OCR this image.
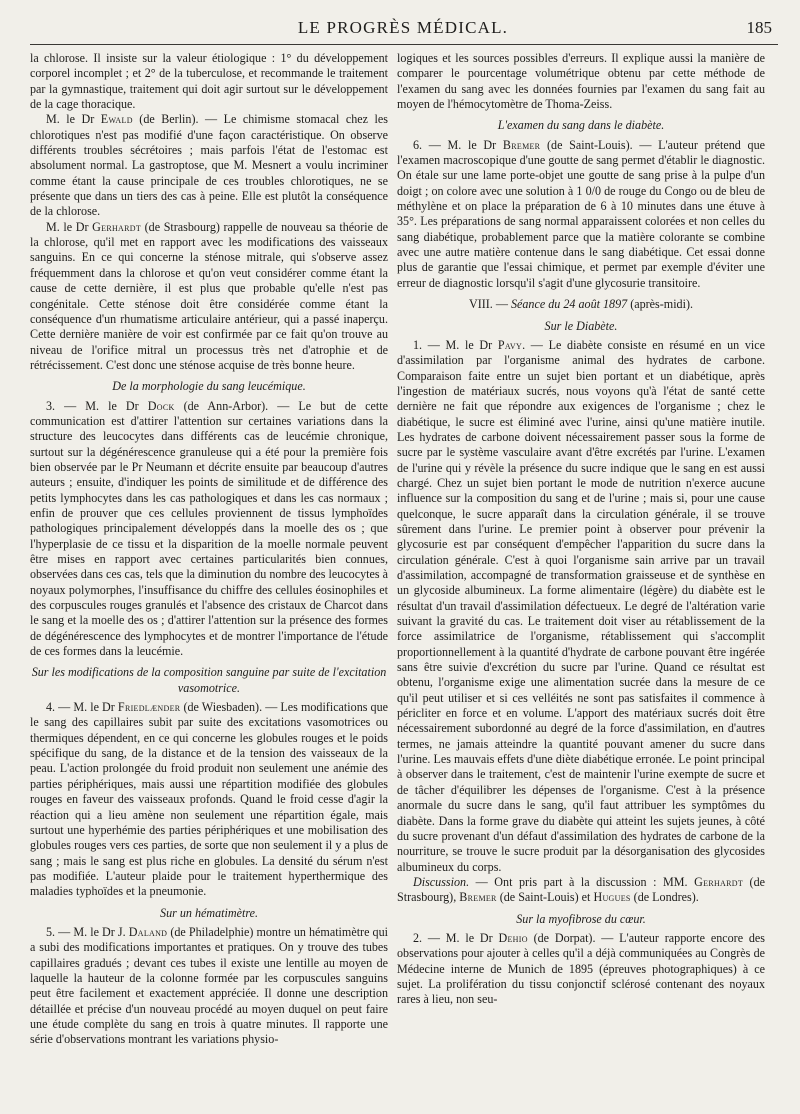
LE PROGRÈS MÉDICAL.	185

la chlorose. Il insiste sur la valeur étiologique : 1° du développement corporel incomplet ; et 2° de la tuberculose, et recommande le traitement par la gymnastique, traitement qui doit agir surtout sur le développement de la cage thoracique.

M. le Dr Ewald (de Berlin). — Le chimisme stomacal chez les chlorotiques n'est pas modifié d'une façon caractéristique. On observe différents troubles sécrétoires ; mais parfois l'état de l'estomac est absolument normal. La gastroptose, que M. Mesnert a voulu incriminer comme étant la cause principale de ces troubles chlorotiques, ne se présente que dans un tiers des cas à peine. Elle est plutôt la conséquence de la chlorose.

M. le Dr Gerhardt (de Strasbourg) rappelle de nouveau sa théorie de la chlorose, qu'il met en rapport avec les modifications des vaisseaux sanguins. En ce qui concerne la sténose mitrale, qui s'observe assez fréquemment dans la chlorose et qu'on veut considérer comme étant la cause de cette dernière, il est plus que probable qu'elle n'est pas congénitale. Cette sténose doit être considérée comme étant la conséquence d'un rhumatisme articulaire antérieur, qui a passé inaperçu. Cette dernière manière de voir est confirmée par ce fait qu'on trouve au niveau de l'orifice mitral un processus très net d'atrophie et de rétrécissement. C'est donc une sténose acquise de très bonne heure.

De la morphologie du sang leucémique.

3. — M. le Dr Dock (de Ann-Arbor). — Le but de cette communication est d'attirer l'attention sur certaines variations dans la structure des leucocytes dans différents cas de leucémie chronique, surtout sur la dégénérescence granuleuse qui a été pour la première fois bien observée par le Pr Neumann et décrite ensuite par beaucoup d'autres auteurs ; ensuite, d'indiquer les points de similitude et de différence des petits lymphocytes dans les cas pathologiques et dans les cas normaux ; enfin de prouver que ces cellules proviennent de tissus lymphoïdes pathologiques principalement développés dans la moelle des os ; que l'hyperplasie de ce tissu et la disparition de la moelle normale peuvent être mises en rapport avec certaines particularités bien connues, observées dans ces cas, tels que la diminution du nombre des leucocytes à noyaux polymorphes, l'insuffisance du chiffre des cellules éosinophiles et des corpuscules rouges granulés et l'absence des cristaux de Charcot dans le sang et la moelle des os ; d'attirer l'attention sur la présence des formes de dégénérescence des lymphocytes et de montrer l'importance de l'étude de ces formes dans la leucémie.

Sur les modifications de la composition sanguine par suite de l'excitation vasomotrice.

4. — M. le Dr Friedlænder (de Wiesbaden). — Les modifications que le sang des capillaires subit par suite des excitations vasomotrices ou thermiques dépendent, en ce qui concerne les globules rouges et le poids spécifique du sang, de la distance et de la tension des vaisseaux de la peau. L'action prolongée du froid produit non seulement une anémie des parties périphériques, mais aussi une répartition modifiée des globules rouges en faveur des vaisseaux profonds. Quand le froid cesse d'agir la réaction qui a lieu amène non seulement une répartition égale, mais surtout une hyperhémie des parties périphériques et une mobilisation des globules rouges vers ces parties, de sorte que non seulement il y a plus de sang ; mais le sang est plus riche en globules. La densité du sérum n'est pas modifiée. L'auteur plaide pour le traitement hyperthermique des maladies typhoïdes et la pneumonie.

Sur un hématimètre.

5. — M. le Dr J. Daland (de Philadelphie) montre un hématimètre qui a subi des modifications importantes et pratiques. On y trouve des tubes capillaires gradués ; devant ces tubes il existe une lentille au moyen de laquelle la hauteur de la colonne formée par les corpuscules sanguins peut être facilement et exactement appréciée. Il donne une description détaillée et précise d'un nouveau procédé au moyen duquel on peut faire une étude complète du sang en trois à quatre minutes. Il rapporte une série d'observations montrant les variations physio-

logiques et les sources possibles d'erreurs. Il explique aussi la manière de comparer le pourcentage volumétrique obtenu par cette méthode de l'examen du sang avec les données fournies par l'examen du sang fait au moyen de l'hémocytomètre de Thoma-Zeiss.

L'examen du sang dans le diabète.

6. — M. le Dr Bremer (de Saint-Louis). — L'auteur prétend que l'examen macroscopique d'une goutte de sang permet d'établir le diagnostic. On étale sur une lame porte-objet une goutte de sang prise à la pulpe d'un doigt ; on colore avec une solution à 1 0/0 de rouge du Congo ou de bleu de méthylène et on place la préparation de 6 à 10 minutes dans une étuve à 35°. Les préparations de sang normal apparaissent colorées et non celles du sang diabétique, probablement parce que la matière colorante se combine avec une autre matière contenue dans le sang diabétique. Cet essai donne plus de garantie que l'essai chimique, et permet par exemple d'éviter une erreur de diagnostic lorsqu'il s'agit d'une glycosurie transitoire.

VIII. — Séance du 24 août 1897 (après-midi).
Sur le Diabète.

1. — M. le Dr Pavy. — Le diabète consiste en résumé en un vice d'assimilation par l'organisme animal des hydrates de carbone. Comparaison faite entre un sujet bien portant et un diabétique, après l'ingestion de matériaux sucrés, nous voyons qu'à l'état de santé cette dernière ne fait que répondre aux exigences de l'organisme ; chez le diabétique, le sucre est éliminé avec l'urine, ainsi qu'une matière inutile. Les hydrates de carbone doivent nécessairement passer sous la forme de sucre par le système vasculaire avant d'être excrétés par l'urine. L'examen de l'urine qui y révèle la présence du sucre indique que le sang en est aussi chargé. Chez un sujet bien portant le mode de nutrition n'exerce aucune influence sur la composition du sang et de l'urine ; mais si, pour une cause quelconque, le sucre apparaît dans la circulation générale, il se trouve sûrement dans l'urine. Le premier point à observer pour prévenir la glycosurie est par conséquent d'empêcher l'apparition du sucre dans la circulation générale. C'est à quoi l'organisme sain arrive par un travail d'assimilation, accompagné de transformation graisseuse et de synthèse en un glycoside albumineux. La forme alimentaire (légère) du diabète est le résultat d'un travail d'assimilation défectueux. Le degré de l'altération varie suivant la gravité du cas. Le traitement doit viser au rétablissement de la force assimilatrice de l'organisme, rétablissement qui s'accomplit proportionnellement à la quantité d'hydrate de carbone pouvant être ingérée sans être suivie d'excrétion du sucre par l'urine. Quand ce résultat est obtenu, l'organisme exige une alimentation sucrée dans la mesure de ce qu'il peut utiliser et si ces velléités ne sont pas satisfaites il commence à péricliter en force et en volume. L'apport des matériaux sucrés doit être nécessairement subordonné au degré de la force d'assimilation, en d'autres termes, ne jamais atteindre la quantité pouvant amener du sucre dans l'urine. Les mauvais effets d'une diète diabétique erronée. Le point principal à observer dans le traitement, c'est de maintenir l'urine exempte de sucre et de tâcher d'équilibrer les dépenses de l'organisme. C'est à la présence anormale du sucre dans le sang, qu'il faut attribuer les symptômes du diabète. Dans la forme grave du diabète qui atteint les sujets jeunes, à côté du sucre provenant d'un défaut d'assimilation des hydrates de carbone de la nourriture, se trouve le sucre produit par la désorganisation des glycosides albumineux du corps.

Discussion. — Ont pris part à la discussion : MM. Gerhardt (de Strasbourg), Bremer (de Saint-Louis) et Hugues (de Londres).

Sur la myofibrose du cœur.

2. — M. le Dr Dehio (de Dorpat). — L'auteur rapporte encore des observations pour ajouter à celles qu'il a déjà communiquées au Congrès de Médecine interne de Munich de 1895 (épreuves photographiques) à ce sujet. La prolifération du tissu conjonctif sclérosé contenant des noyaux rares à lieu, non seu-
